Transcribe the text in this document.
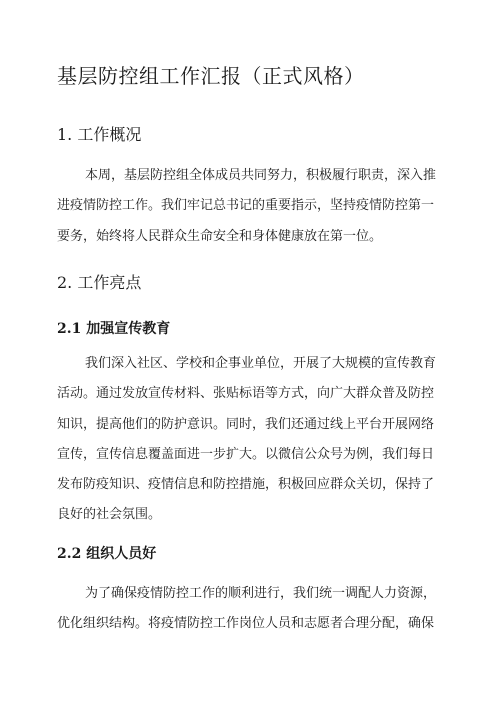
基层防控组工作汇报（正式风格）
1. 工作概况
本周，基层防控组全体成员共同努力，积极履行职责，深入推
进疫情防控工作。我们牢记总书记的重要指示，坚持疫情防控第一
要务，始终将人民群众生命安全和身体健康放在第一位。
2. 工作亮点
2.1 加强宣传教育
我们深入社区、学校和企事业单位，开展了大规模的宣传教育
活动。通过发放宣传材料、张贴标语等方式，向广大群众普及防控
知识，提高他们的防护意识。同时，我们还通过线上平台开展网络
宣传，宣传信息覆盖面进一步扩大。以微信公众号为例，我们每日
发布防疫知识、疫情信息和防控措施，积极回应群众关切，保持了
良好的社会氛围。
2.2 组织人员好
为了确保疫情防控工作的顺利进行，我们统一调配人力资源，
优化组织结构。将疫情防控工作岗位人员和志愿者合理分配，确保
